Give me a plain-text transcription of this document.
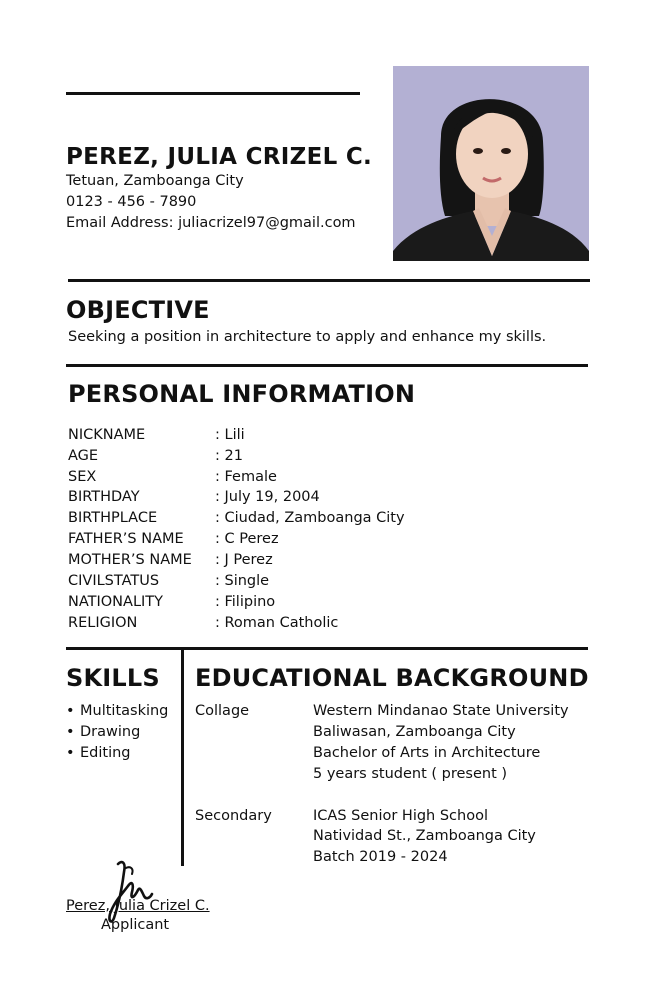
PEREZ, JULIA CRIZEL C.
Tetuan, Zamboanga City
0123 - 456 - 7890
Email Address: juliacrizel97@gmail.com
OBJECTIVE
Seeking a position in architecture to apply and enhance my skills.
PERSONAL INFORMATION
NICKNAME	: Lili
AGE	: 21
SEX	: Female
BIRTHDAY	: July 19, 2004
BIRTHPLACE	: Ciudad, Zamboanga City
FATHER’S NAME : C Perez
MOTHER’S NAME : J Perez
CIVILSTATUS	: Single
NATIONALITY	: Filipino
RELIGION	: Roman Catholic
SKILLS
• Multitasking
• Drawing
• Editing
EDUCATIONAL BACKGROUND
Collage	Western Mindanao State University
Baliwasan, Zamboanga City
Bachelor of Arts in Architecture
5 years student ( present )
Secondary	ICAS Senior High School
Natividad St., Zamboanga City
Batch 2019 - 2024
Perez, Julia Crizel C.
Applicant
